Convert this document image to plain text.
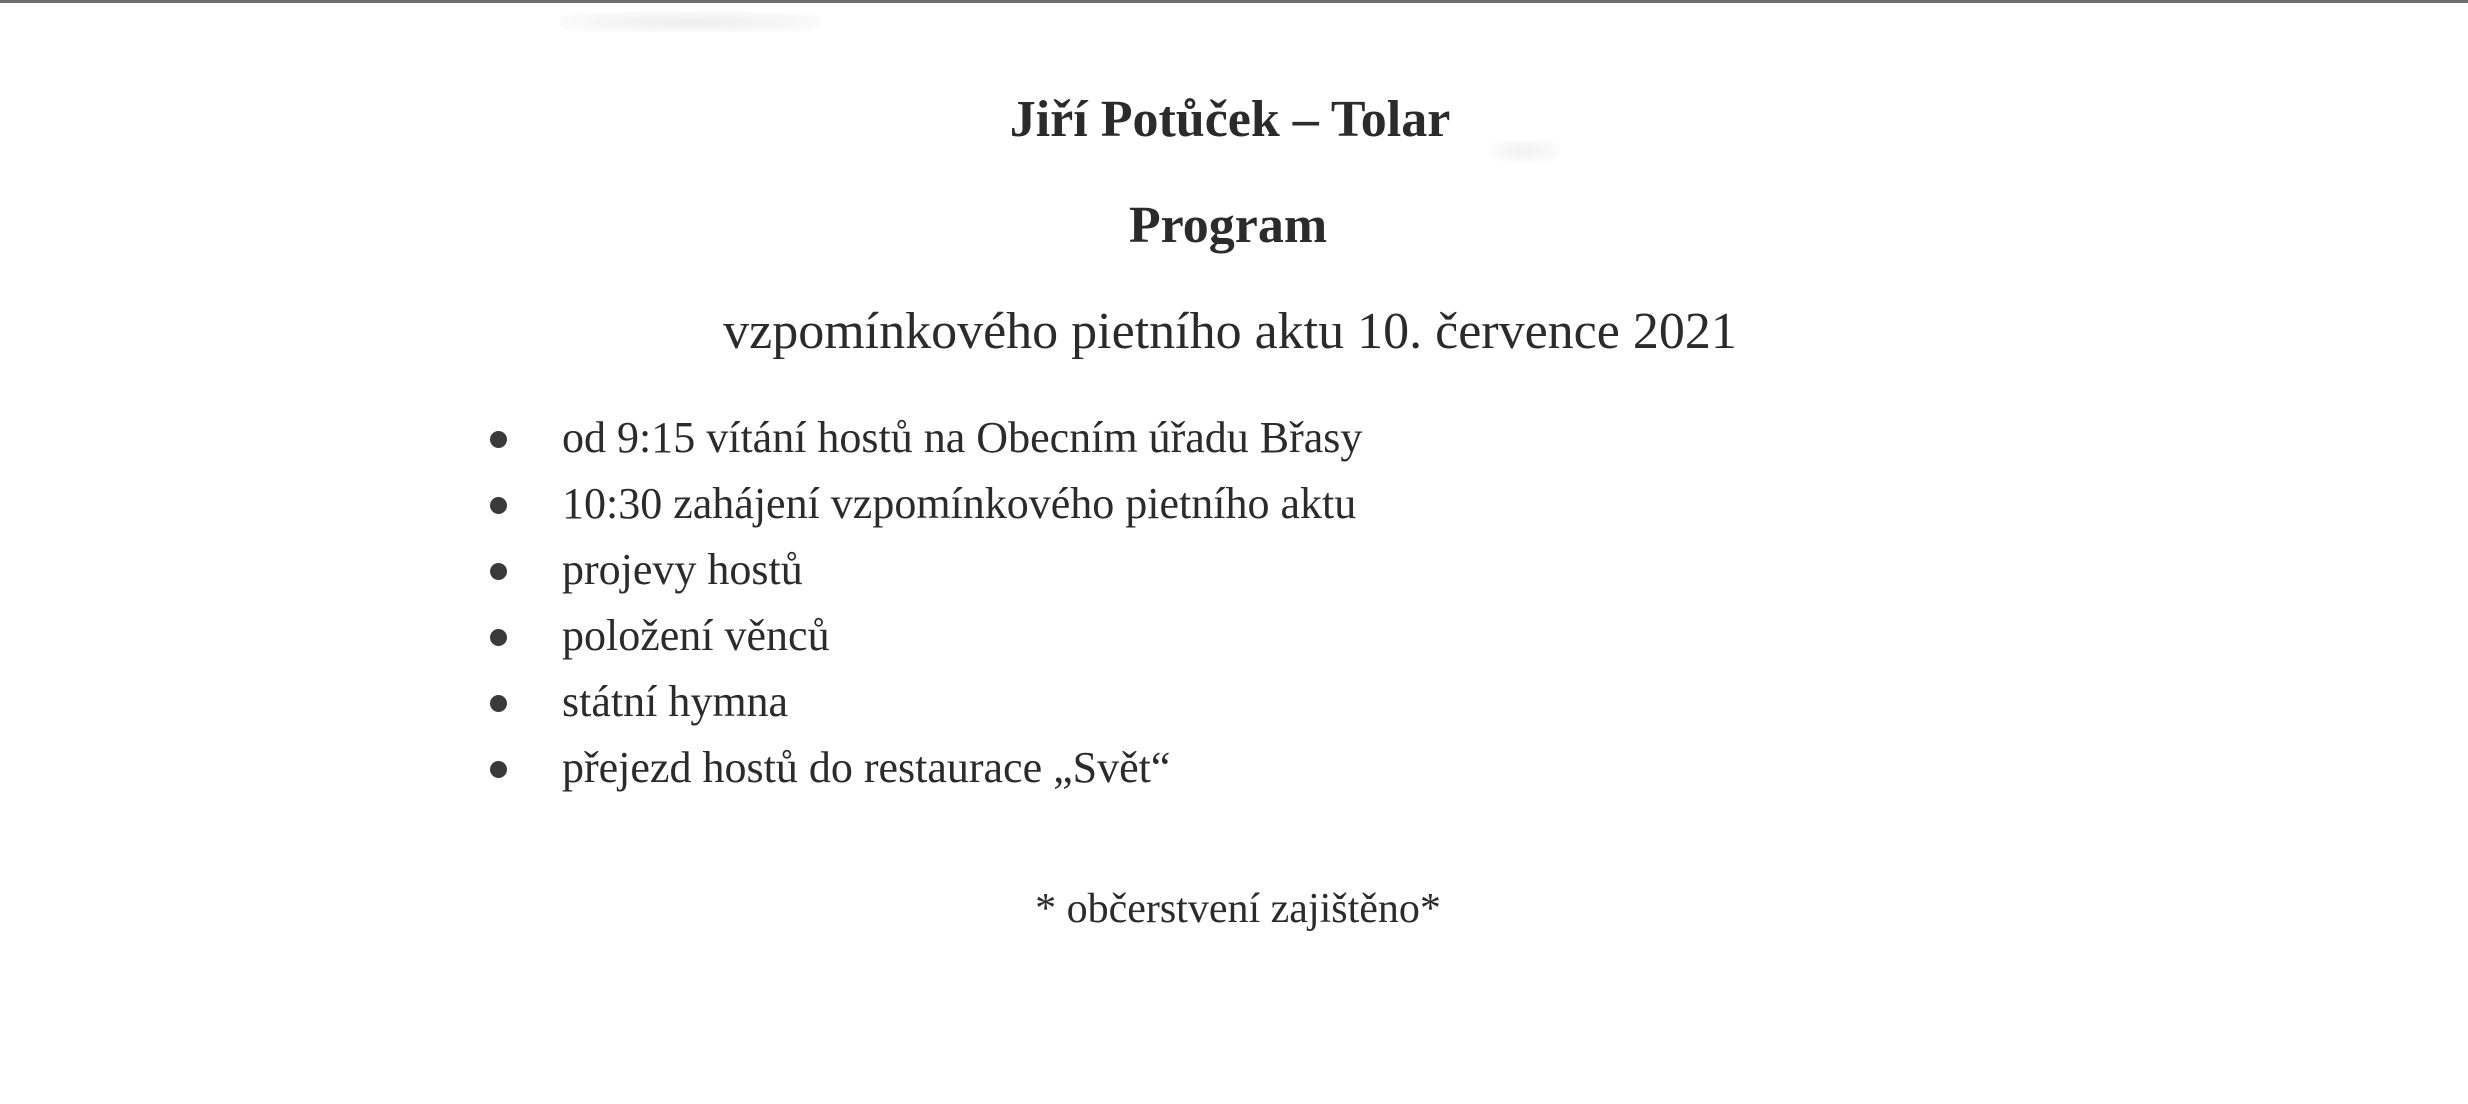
Jiří Potůček – Tolar
Program

vzpomínkového pietního aktu 10. července 2021

od 9:15 vítání hostů na Obecním úřadu Břasy
10:30 zahájení vzpomínkového pietního aktu
projevy hostů
položení věnců
státní hymna
přejezd hostů do restaurace „Svět“

* občerstvení zajištěno*
